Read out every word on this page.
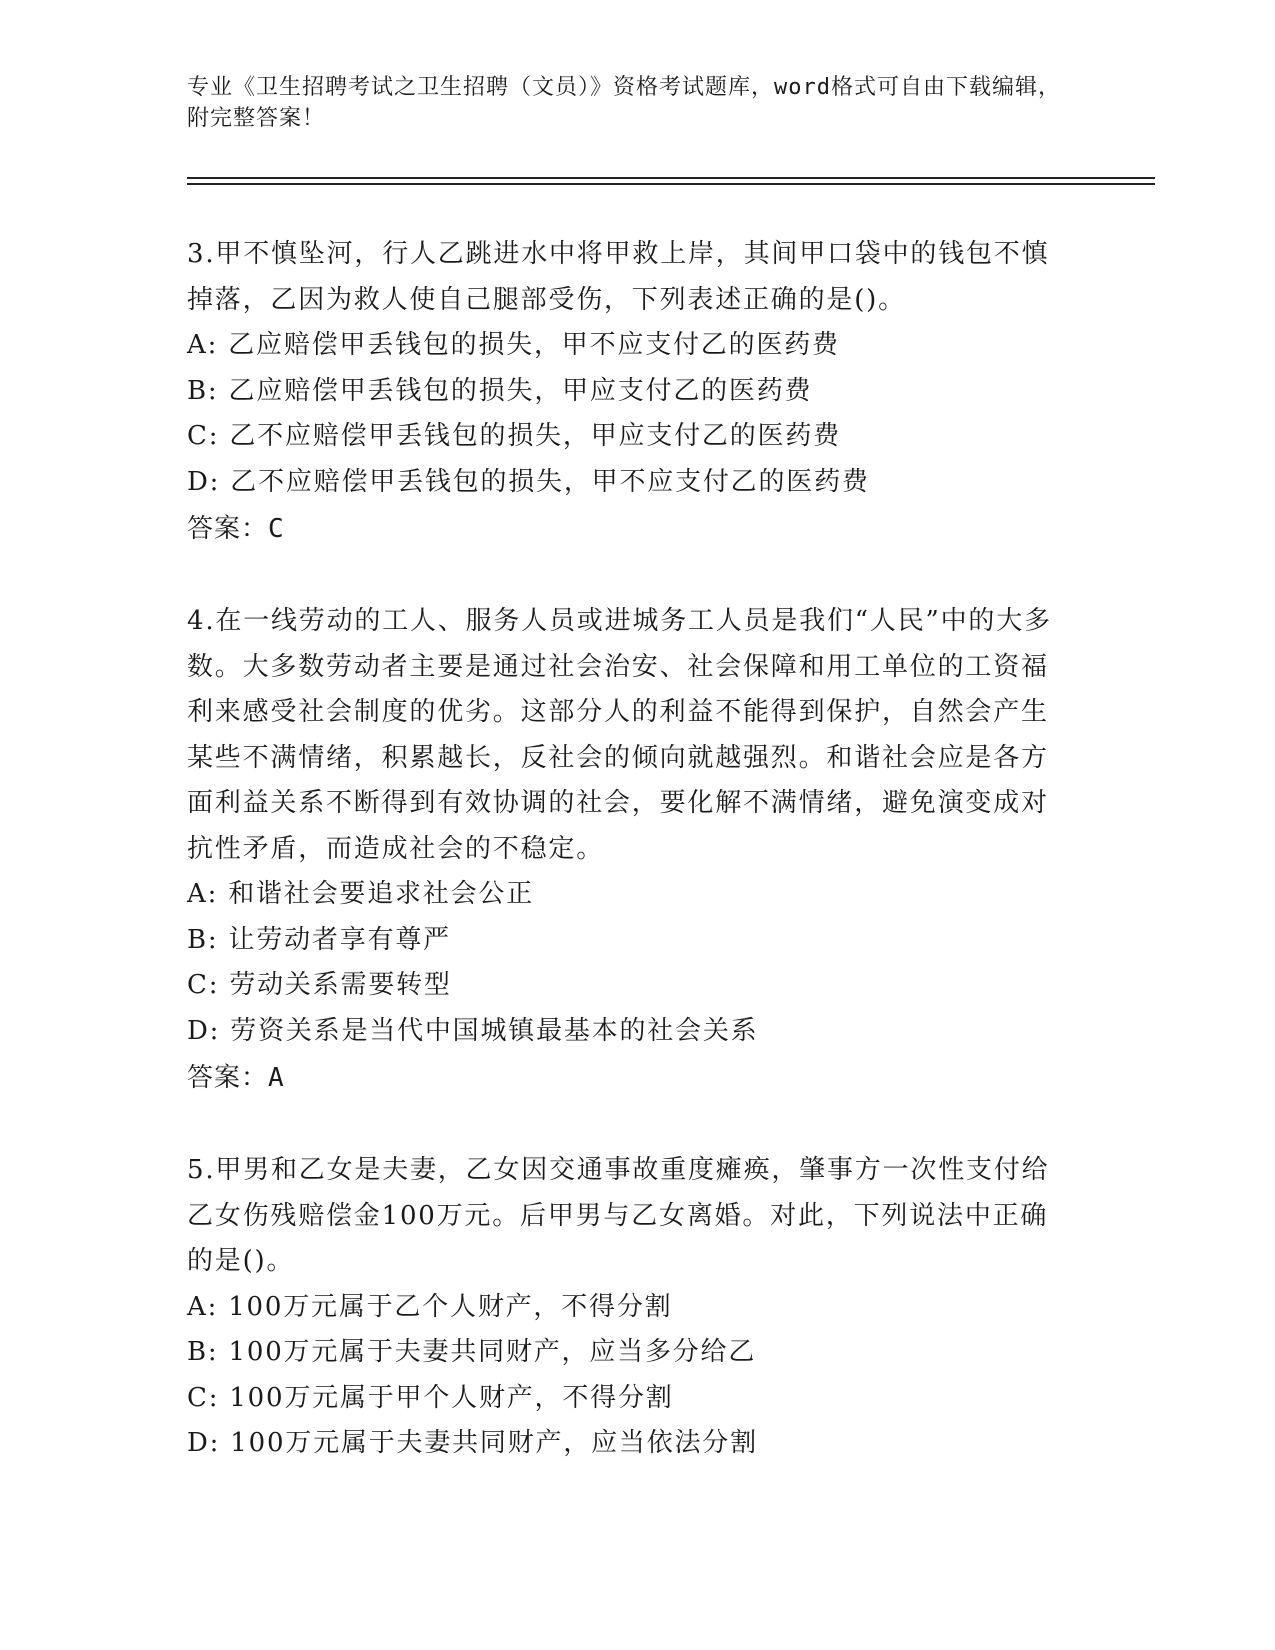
专业《卫生招聘考试之卫生招聘（文员）》资格考试题库，word格式可自由下载编辑，附完整答案！

3.甲不慎坠河，行人乙跳进水中将甲救上岸，其间甲口袋中的钱包不慎掉落，乙因为救人使自己腿部受伤，下列表述正确的是()。

A: 乙应赔偿甲丢钱包的损失，甲不应支付乙的医药费

B: 乙应赔偿甲丢钱包的损失，甲应支付乙的医药费

C: 乙不应赔偿甲丢钱包的损失，甲应支付乙的医药费

D: 乙不应赔偿甲丢钱包的损失，甲不应支付乙的医药费

答案：C

4.在一线劳动的工人、服务人员或进城务工人员是我们“人民”中的大多数。大多数劳动者主要是通过社会治安、社会保障和用工单位的工资福利来感受社会制度的优劣。这部分人的利益不能得到保护，自然会产生某些不满情绪，积累越长，反社会的倾向就越强烈。和谐社会应是各方面利益关系不断得到有效协调的社会，要化解不满情绪，避免演变成对抗性矛盾，而造成社会的不稳定。

A: 和谐社会要追求社会公正

B: 让劳动者享有尊严

C: 劳动关系需要转型

D: 劳资关系是当代中国城镇最基本的社会关系

答案：A

5.甲男和乙女是夫妻，乙女因交通事故重度瘫痪，肇事方一次性支付给乙女伤残赔偿金100万元。后甲男与乙女离婚。对此，下列说法中正确的是()。

A: 100万元属于乙个人财产，不得分割

B: 100万元属于夫妻共同财产，应当多分给乙

C: 100万元属于甲个人财产，不得分割

D: 100万元属于夫妻共同财产，应当依法分割
